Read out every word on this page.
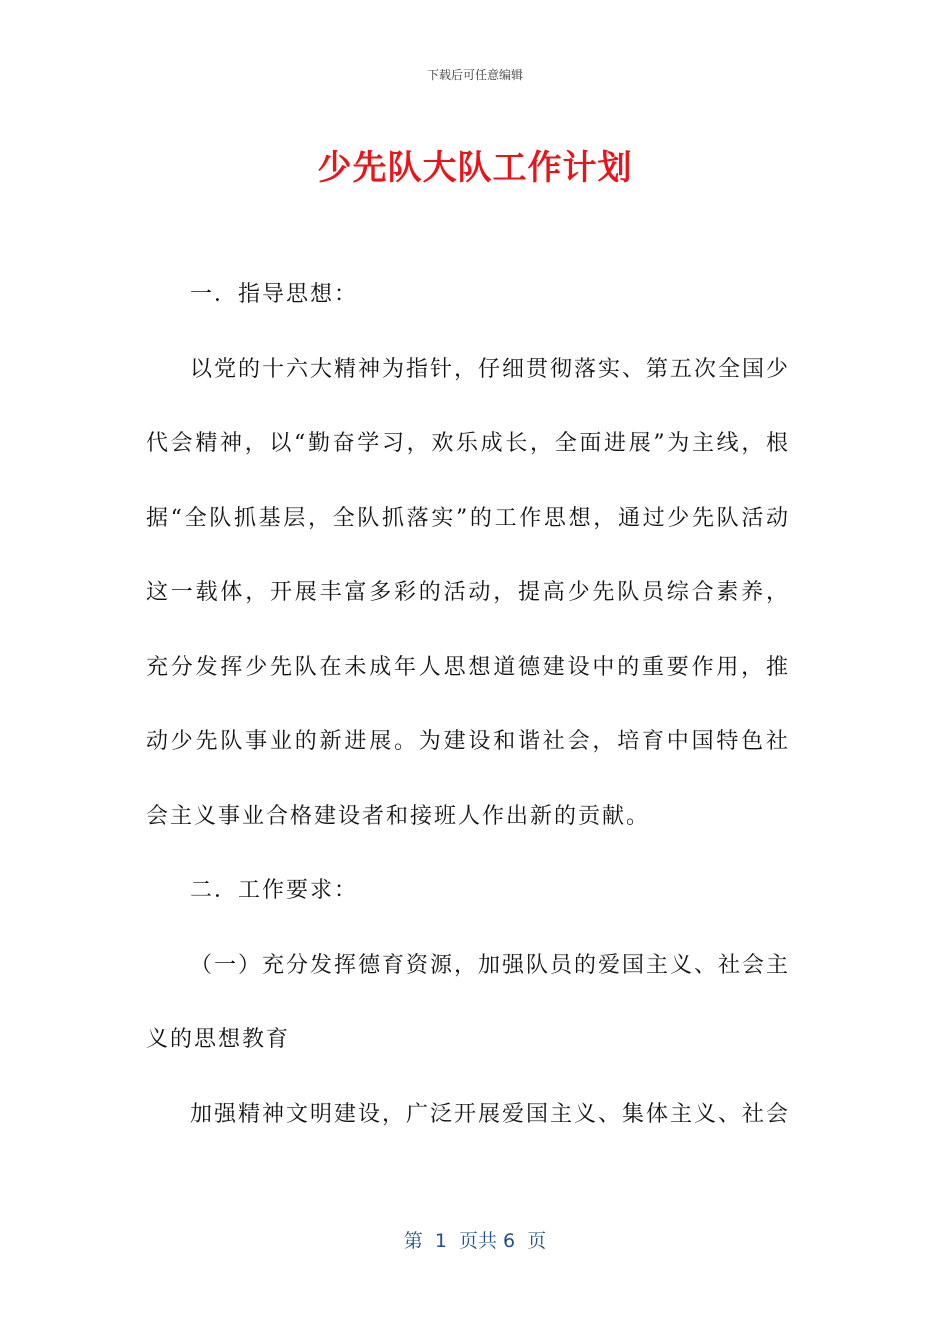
下载后可任意编辑
少先队大队工作计划

一．指导思想：

以党的十六大精神为指针，仔细贯彻落实、第五次全国少代会精神，以“勤奋学习，欢乐成长，全面进展”为主线，根据“全队抓基层，全队抓落实”的工作思想，通过少先队活动这一载体，开展丰富多彩的活动，提高少先队员综合素养，充分发挥少先队在未成年人思想道德建设中的重要作用，推动少先队事业的新进展。为建设和谐社会，培育中国特色社会主义事业合格建设者和接班人作出新的贡献。

二．工作要求：

（一）充分发挥德育资源，加强队员的爱国主义、社会主义的思想教育

加强精神文明建设，广泛开展爱国主义、集体主义、社会

第  1  页共 6  页
